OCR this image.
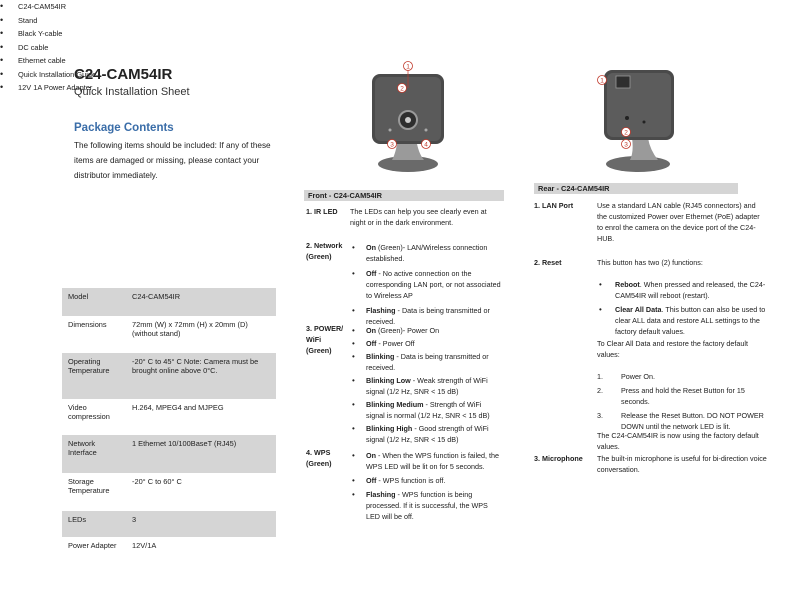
C24-CAM54IR
Quick Installation Sheet
Package Contents
The following items should be included: If any of these items are damaged or missing, please contact your distributor immediately.
• C24-CAM54IR
• Stand
• Black Y-cable
• DC cable
• Ethernet cable
• Quick Installation Guide
• 12V 1A Power Adapter
Model	C24-CAM54IR
Dimensions	72mm (W) x 72mm (H) x 20mm (D) (without stand)
Operating Temperature	-20° C to 45° C Note: Camera must be brought online above 0°C.
Video compression	H.264, MPEG4 and MJPEG
Network Interface	1 Ethernet 10/100BaseT (RJ45)
Storage Temperature	-20° C to 60° C
LEDs	3
Power Adapter	12V/1A
1
2
3	4
1
2
3
Front - C24-CAM54IR
1. IR LED	The LEDs can help you see clearly even at night or in the dark environment.
2. Network (Green)
• On (Green)- LAN/Wireless connection established.
• Off - No active connection on the corresponding LAN port, or not associated to Wireless AP
• Flashing - Data is being transmitted or received.
3. POWER/ WiFi (Green)
• On (Green)- Power On
• Off - Power Off
• Blinking - Data is being transmitted or received.
• Blinking Low - Weak strength of WiFi signal (1/2 Hz, SNR < 15 dB)
• Blinking Medium - Strength of WiFi signal is normal (1/2 Hz, SNR < 15 dB)
• Blinking High - Good strength of WiFi signal (1/2 Hz, SNR < 15 dB)
4. WPS (Green)
• On - When the WPS function is failed, the WPS LED will be lit on for 5 seconds.
• Off - WPS function is off.
• Flashing - WPS function is being processed. If it is successful, the WPS LED will be off.
Rear - C24-CAM54IR
1. LAN Port	Use a standard LAN cable (RJ45 connectors) and the customized Power over Ethernet (PoE) adapter to enrol the camera on the device port of the C24-HUB.
2. Reset	This button has two (2) functions:
• Reboot. When pressed and released, the C24-CAM54IR will reboot (restart).
• Clear All Data. This button can also be used to clear ALL data and restore ALL settings to the factory default values.
To Clear All Data and restore the factory default values:
1.	Power On.
2.	Press and hold the Reset Button for 15 seconds.
3.	Release the Reset Button. DO NOT POWER DOWN until the network LED is lit.
The C24-CAM54IR is now using the factory default values.
3. Microphone	The built-in microphone is useful for bi-direction voice conversation.
